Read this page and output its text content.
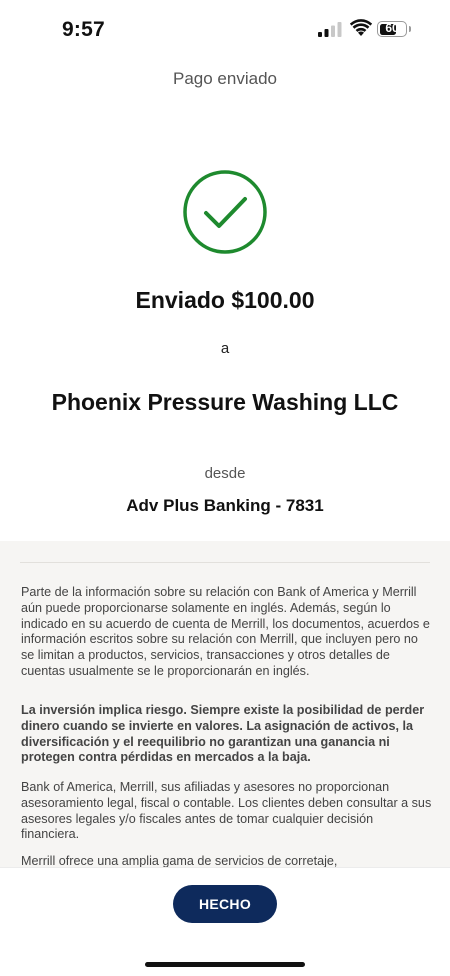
9:57	60
Pago enviado
Enviado $100.00
a
Phoenix Pressure Washing LLC
desde
Adv Plus Banking - 7831

Parte de la información sobre su relación con Bank of America y Merrill aún puede proporcionarse solamente en inglés. Además, según lo indicado en su acuerdo de cuenta de Merrill, los documentos, acuerdos e información escritos sobre su relación con Merrill, que incluyen pero no se limitan a productos, servicios, transacciones y otros detalles de cuentas usualmente se le proporcionarán en inglés.

La inversión implica riesgo. Siempre existe la posibilidad de perder dinero cuando se invierte en valores. La asignación de activos, la diversificación y el reequilibrio no garantizan una ganancia ni protegen contra pérdidas en mercados a la baja.

Bank of America, Merrill, sus afiliadas y asesores no proporcionan asesoramiento legal, fiscal o contable. Los clientes deben consultar a sus asesores legales y/o fiscales antes de tomar cualquier decisión financiera.

Merrill ofrece una amplia gama de servicios de corretaje,

HECHO
